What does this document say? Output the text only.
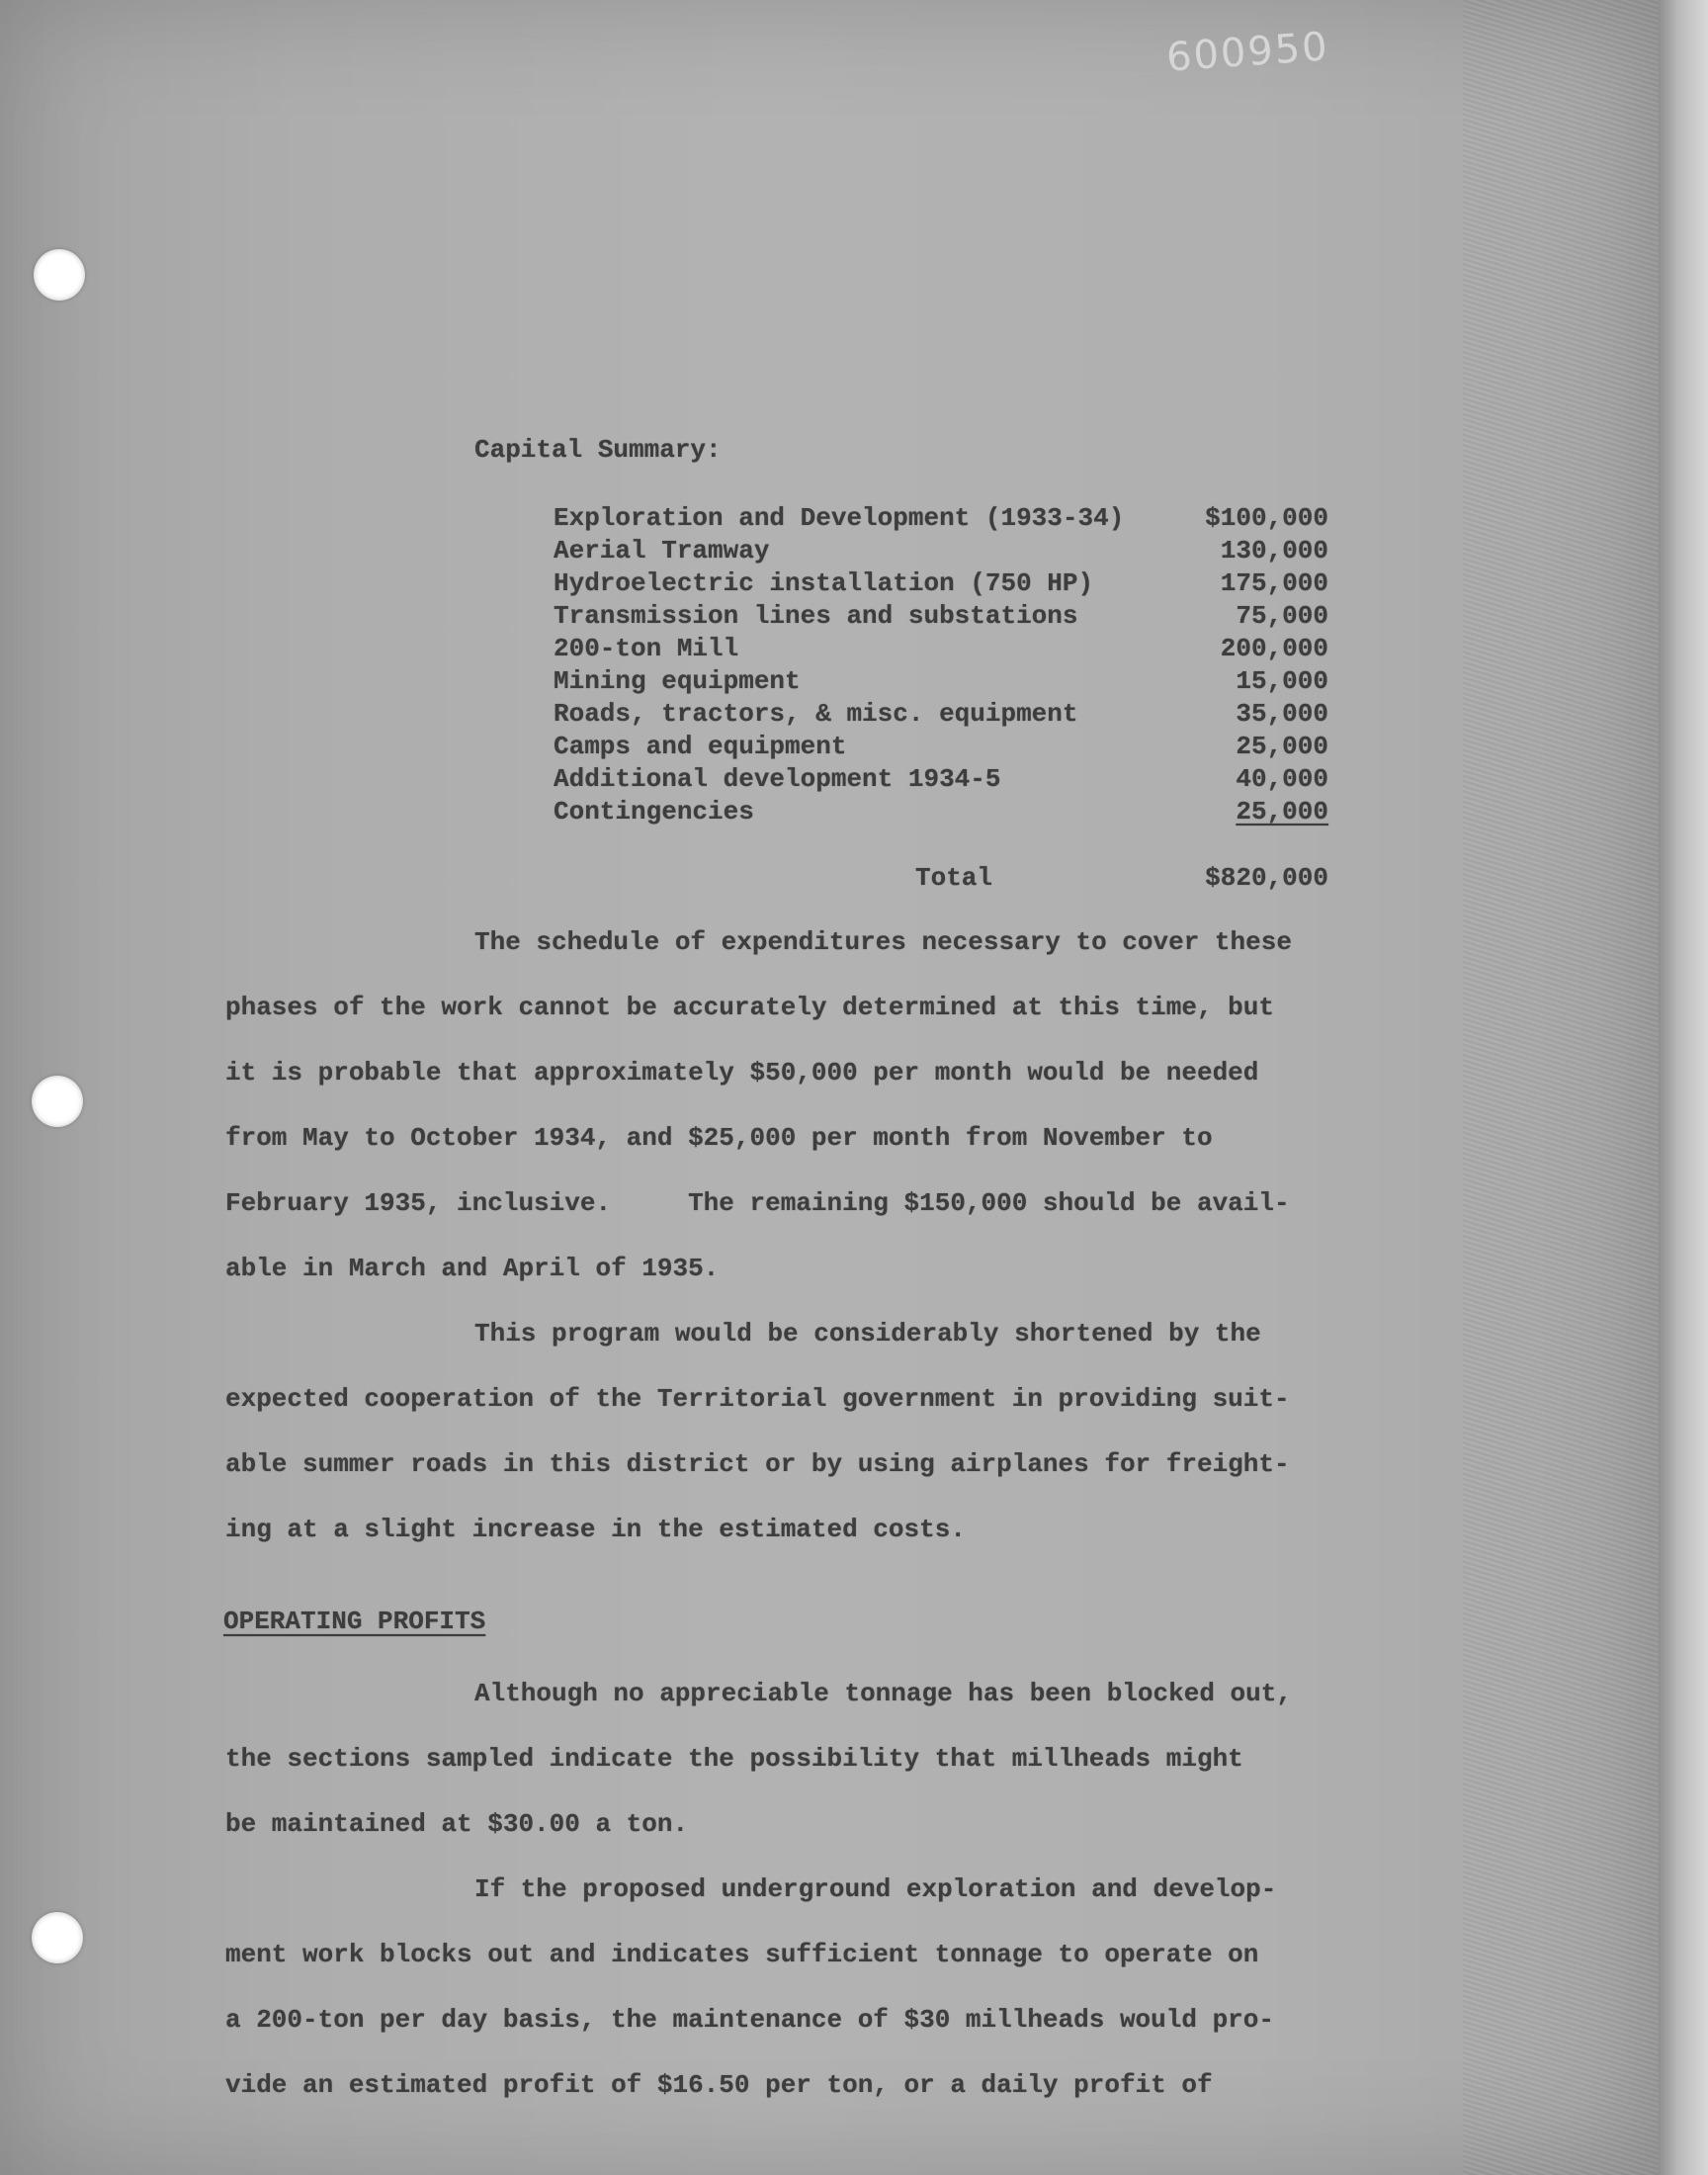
600950

Capital Summary:

Exploration and Development (1933-34)	$100,000
Aerial Tramway	130,000
Hydroelectric installation (750 HP)	175,000
Transmission lines and substations	75,000
200-ton Mill	200,000
Mining equipment	15,000
Roads, tractors, & misc. equipment	35,000
Camps and equipment	25,000
Additional development 1934-5	40,000
Contingencies	25,000
Total	$820,000
The schedule of expenditures necessary to cover these
phases of the work cannot be accurately determined at this time, but
it is probable that approximately $50,000 per month would be needed
from May to October 1934, and $25,000 per month from November to
February 1935, inclusive.     The remaining $150,000 should be avail-
able in March and April of 1935.
This program would be considerably shortened by the
expected cooperation of the Territorial government in providing suit-
able summer roads in this district or by using airplanes for freight-
ing at a slight increase in the estimated costs.

OPERATING PROFITS

Although no appreciable tonnage has been blocked out,
the sections sampled indicate the possibility that millheads might
be maintained at $30.00 a ton.
If the proposed underground exploration and develop-
ment work blocks out and indicates sufficient tonnage to operate on
a 200-ton per day basis, the maintenance of $30 millheads would pro-
vide an estimated profit of $16.50 per ton, or a daily profit of
